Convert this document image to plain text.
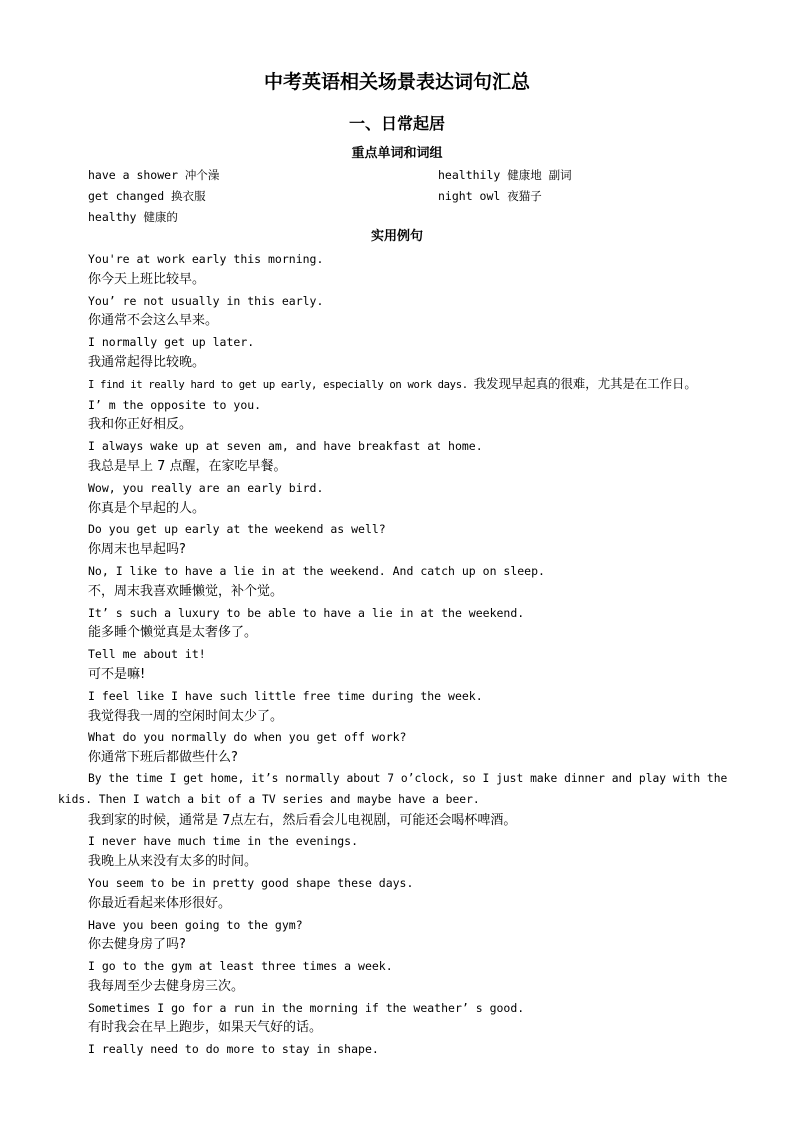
中考英语相关场景表达词句汇总
一、日常起居
重点单词和词组
have a shower 冲个澡	healthily 健康地 副词
get changed 换衣服	night owl 夜猫子
healthy 健康的
实用例句
You're at work early this morning.
你今天上班比较早。
You’ re not usually in this early.
你通常不会这么早来。
I normally get up later.
我通常起得比较晚。
I find it really hard to get up early, especially on work days. 我发现早起真的很难，尤其是在工作日。
I’ m the opposite to you.
我和你正好相反。
I always wake up at seven am, and have breakfast at home.
我总是早上 7 点醒，在家吃早餐。
Wow, you really are an early bird.
你真是个早起的人。
Do you get up early at the weekend as well?
你周末也早起吗?
No, I like to have a lie in at the weekend. And catch up on sleep.
不，周末我喜欢睡懒觉，补个觉。
It’ s such a luxury to be able to have a lie in at the weekend.
能多睡个懒觉真是太奢侈了。
Tell me about it!
可不是嘛!
I feel like I have such little free time during the week.
我觉得我一周的空闲时间太少了。
What do you normally do when you get off work?
你通常下班后都做些什么?
By the time I get home, it’s normally about 7 o’clock, so I just make dinner and play with the
kids. Then I watch a bit of a TV series and maybe have a beer.
我到家的时候，通常是 7点左右，然后看会儿电视剧，可能还会喝杯啤酒。
I never have much time in the evenings.
我晚上从来没有太多的时间。
You seem to be in pretty good shape these days.
你最近看起来体形很好。
Have you been going to the gym?
你去健身房了吗?
I go to the gym at least three times a week.
我每周至少去健身房三次。
Sometimes I go for a run in the morning if the weather’ s good.
有时我会在早上跑步，如果天气好的话。
I really need to do more to stay in shape.
